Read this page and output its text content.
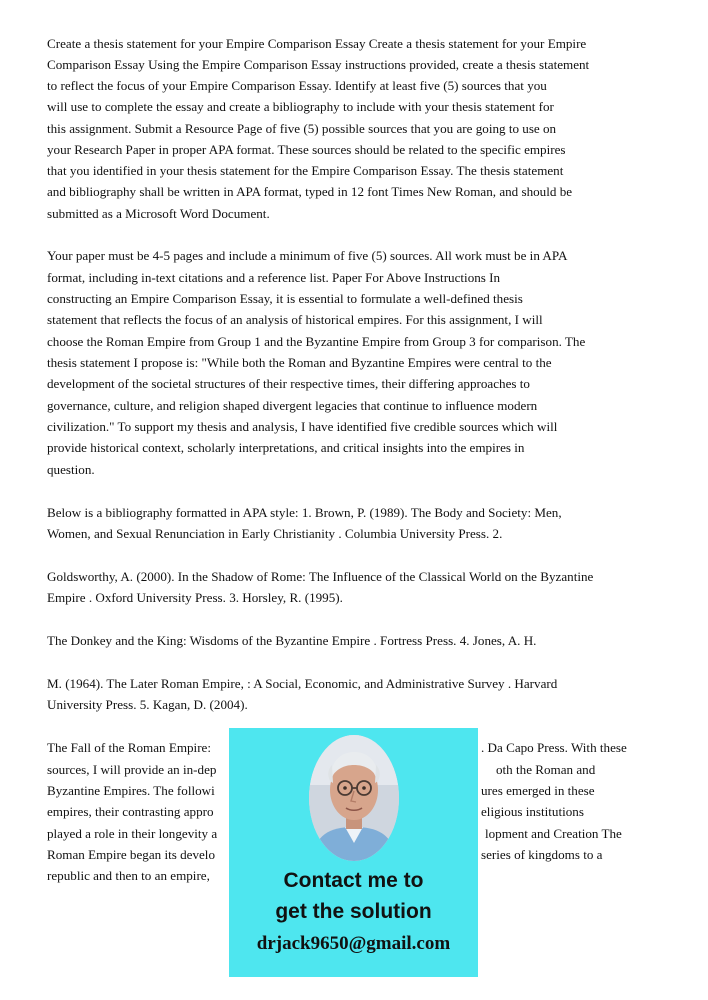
Create a thesis statement for your Empire Comparison Essay Create a thesis statement for your Empire
Comparison Essay Using the Empire Comparison Essay instructions provided, create a thesis statement
to reflect the focus of your Empire Comparison Essay. Identify at least five (5) sources that you
will use to complete the essay and create a bibliography to include with your thesis statement for
this assignment. Submit a Resource Page of five (5) possible sources that you are going to use on
your Research Paper in proper APA format. These sources should be related to the specific empires
that you identified in your thesis statement for the Empire Comparison Essay. The thesis statement
and bibliography shall be written in APA format, typed in 12 font Times New Roman, and should be
submitted as a Microsoft Word Document.
Your paper must be 4-5 pages and include a minimum of five (5) sources. All work must be in APA
format, including in-text citations and a reference list. Paper For Above Instructions In
constructing an Empire Comparison Essay, it is essential to formulate a well-defined thesis
statement that reflects the focus of an analysis of historical empires. For this assignment, I will
choose the Roman Empire from Group 1 and the Byzantine Empire from Group 3 for comparison. The
thesis statement I propose is: "While both the Roman and Byzantine Empires were central to the
development of the societal structures of their respective times, their differing approaches to
governance, culture, and religion shaped divergent legacies that continue to influence modern
civilization." To support my thesis and analysis, I have identified five credible sources which will
provide historical context, scholarly interpretations, and critical insights into the empires in
question.
Below is a bibliography formatted in APA style: 1. Brown, P. (1989). The Body and Society: Men,
Women, and Sexual Renunciation in Early Christianity . Columbia University Press. 2.
Goldsworthy, A. (2000). In the Shadow of Rome: The Influence of the Classical World on the Byzantine
Empire . Oxford University Press. 3. Horsley, R. (1995).
The Donkey and the King: Wisdoms of the Byzantine Empire . Fortress Press. 4. Jones, A. H.
M. (1964). The Later Roman Empire, : A Social, Economic, and Administrative Survey . Harvard
University Press. 5. Kagan, D. (2004).
The Fall of the Roman Empire:	. Da Capo Press. With these
sources, I will provide an in-dep	oth the Roman and
Byzantine Empires. The followi	ures emerged in these
empires, their contrasting appro	eligious institutions
played a role in their longevity a	lopment and Creation The
Roman Empire began its develo	series of kingdoms to a
republic and then to an empire,	Contact me to
get the solution
drjack9650@gmail.com
